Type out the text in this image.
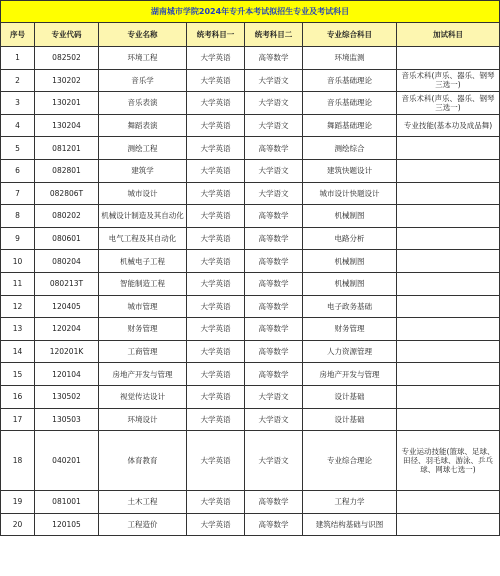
湖南城市学院2024年专升本考试拟招生专业及考试科目						
序号	专业代码	专业名称	统考科目一	统考科目二	专业综合科目	加试科目
1	082502	环境工程	大学英语	高等数学	环境监测	
2	130202	音乐学	大学英语	大学语文	音乐基础理论	音乐术科(声乐、器乐、钢琴三选一)
3	130201	音乐表演	大学英语	大学语文	音乐基础理论	音乐术科(声乐、器乐、钢琴三选一)
4	130204	舞蹈表演	大学英语	大学语文	舞蹈基础理论	专业技能(基本功及成品舞)
5	081201	测绘工程	大学英语	高等数学	测绘综合	
6	082801	建筑学	大学英语	大学语文	建筑快题设计	
7	082806T	城市设计	大学英语	大学语文	城市设计快题设计	
8	080202	机械设计制造及其自动化	大学英语	高等数学	机械制图	
9	080601	电气工程及其自动化	大学英语	高等数学	电路分析	
10	080204	机械电子工程	大学英语	高等数学	机械制图	
11	080213T	智能制造工程	大学英语	高等数学	机械制图	
12	120405	城市管理	大学英语	高等数学	电子政务基础	
13	120204	财务管理	大学英语	高等数学	财务管理	
14	120201K	工商管理	大学英语	高等数学	人力资源管理	
15	120104	房地产开发与管理	大学英语	高等数学	房地产开发与管理	
16	130502	视觉传达设计	大学英语	大学语文	设计基础	
17	130503	环境设计	大学英语	大学语文	设计基础	
18	040201	体育教育	大学英语	大学语文	专业综合理论	专业运动技能(篮球、足球、田径、羽毛球、游泳、乒乓球、网球七选一)
19	081001	土木工程	大学英语	高等数学	工程力学	
20	120105	工程造价	大学英语	高等数学	建筑结构基础与识图	
